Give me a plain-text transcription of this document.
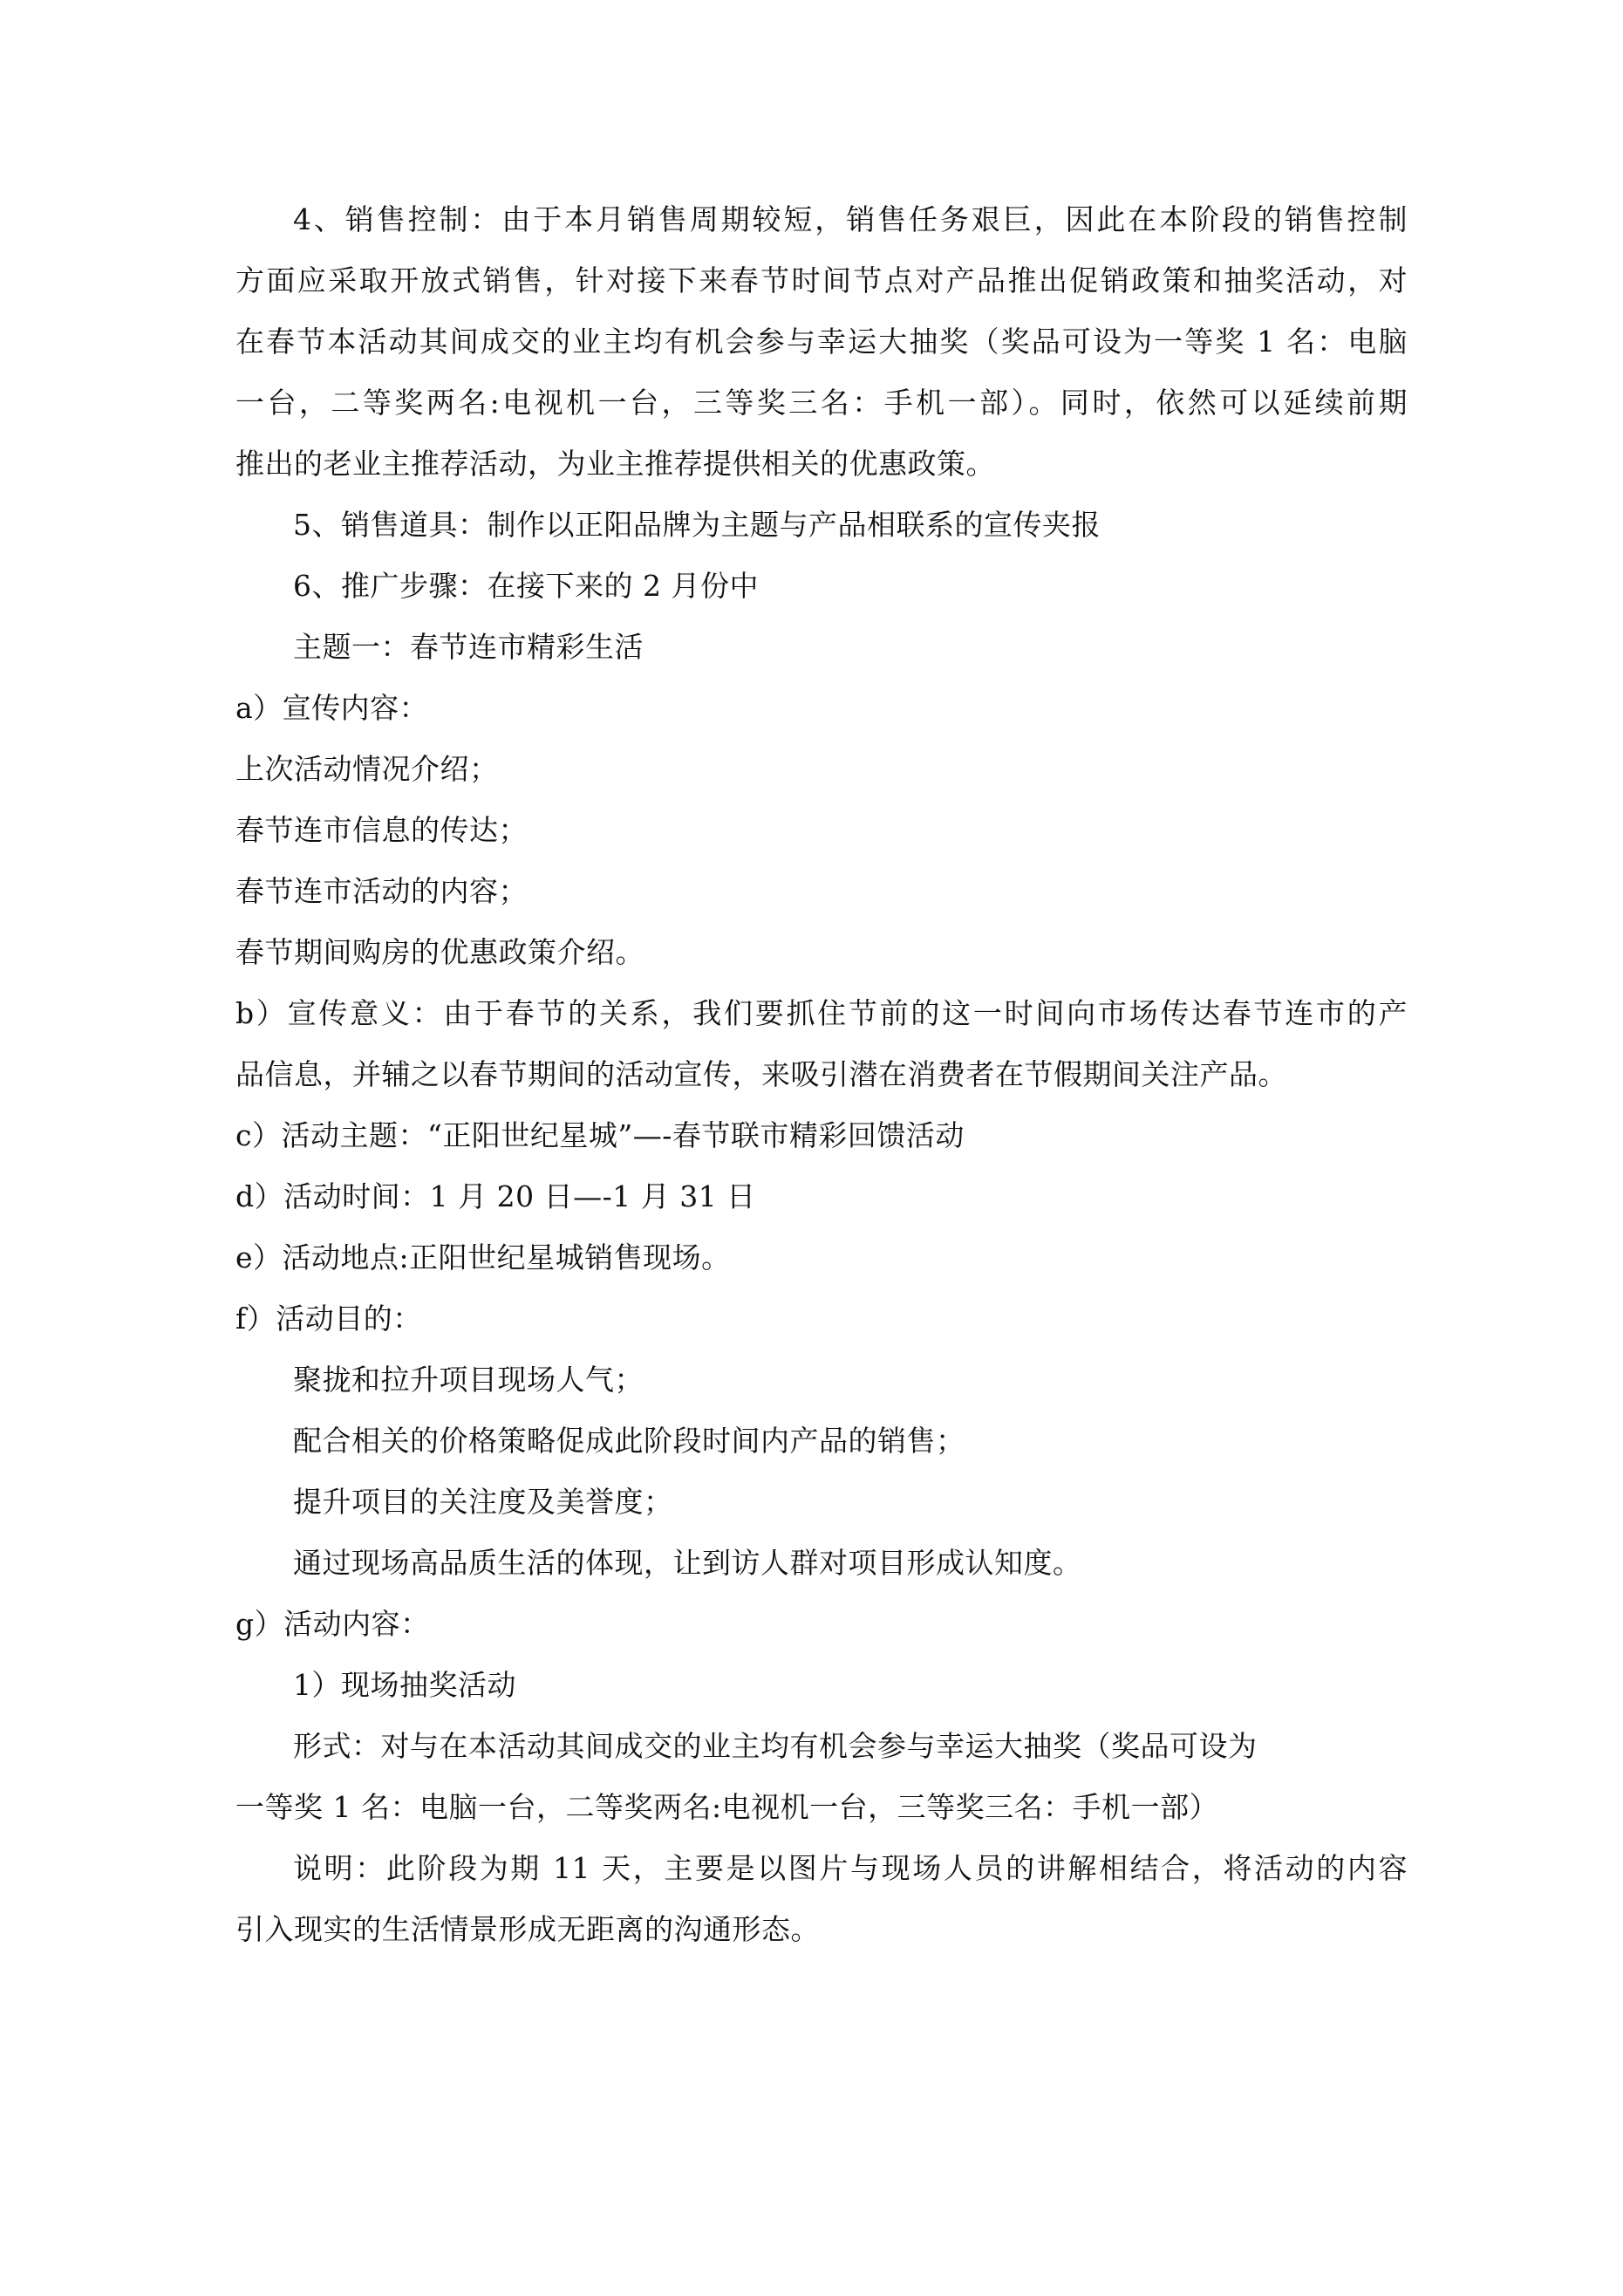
4、销售控制：由于本月销售周期较短，销售任务艰巨，因此在本阶段的销售控制
方面应采取开放式销售，针对接下来春节时间节点对产品推出促销政策和抽奖活动，对
在春节本活动其间成交的业主均有机会参与幸运大抽奖（奖品可设为一等奖 1 名：电脑
一台，二等奖两名:电视机一台，三等奖三名：手机一部）。同时，依然可以延续前期
推出的老业主推荐活动，为业主推荐提供相关的优惠政策。
5、销售道具：制作以正阳品牌为主题与产品相联系的宣传夹报
6、推广步骤：在接下来的 2 月份中
主题一：春节连市精彩生活
a）宣传内容：
上次活动情况介绍；
春节连市信息的传达；
春节连市活动的内容；
春节期间购房的优惠政策介绍。
b）宣传意义：由于春节的关系，我们要抓住节前的这一时间向市场传达春节连市的产
品信息，并辅之以春节期间的活动宣传，来吸引潜在消费者在节假期间关注产品。
c）活动主题：“正阳世纪星城”—-春节联市精彩回馈活动
d）活动时间：1 月 20 日—-1 月 31 日
e）活动地点:正阳世纪星城销售现场。
f）活动目的：
聚拢和拉升项目现场人气；
配合相关的价格策略促成此阶段时间内产品的销售；
提升项目的关注度及美誉度；
通过现场高品质生活的体现，让到访人群对项目形成认知度。
g）活动内容：
1）现场抽奖活动
形式：对与在本活动其间成交的业主均有机会参与幸运大抽奖（奖品可设为
一等奖 1 名：电脑一台，二等奖两名:电视机一台，三等奖三名：手机一部）
说明：此阶段为期 11 天，主要是以图片与现场人员的讲解相结合，将活动的内容
引入现实的生活情景形成无距离的沟通形态。
